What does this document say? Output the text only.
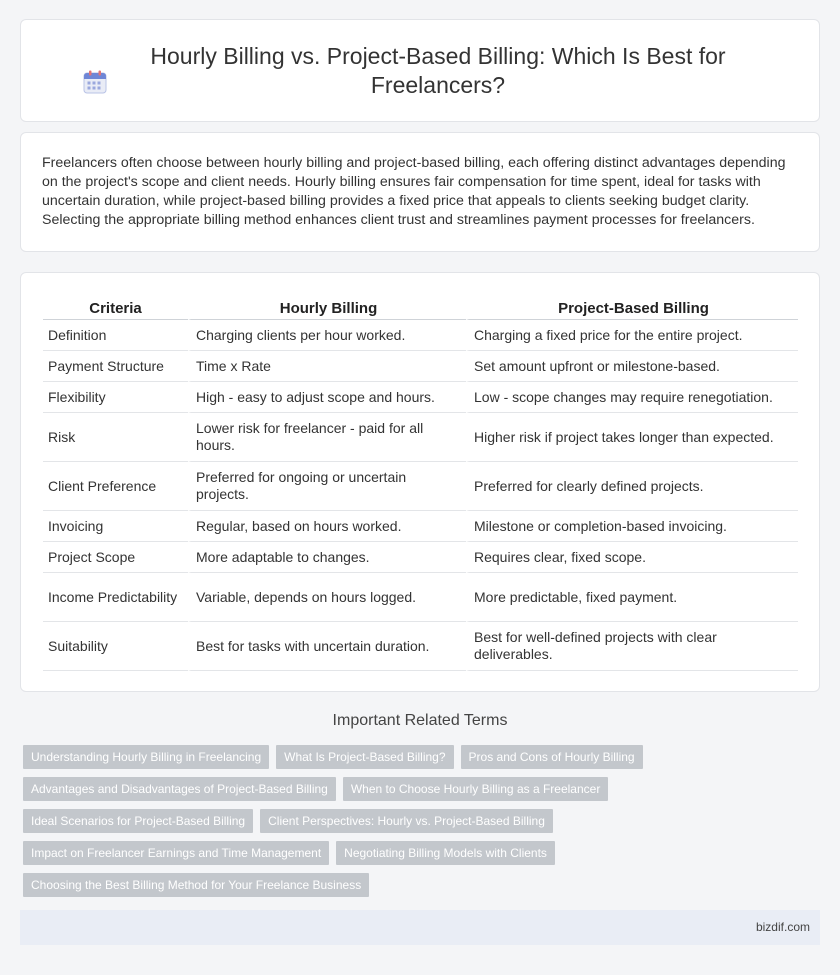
Hourly Billing vs. Project-Based Billing: Which Is Best for Freelancers?

Freelancers often choose between hourly billing and project-based billing, each offering distinct advantages depending on the project's scope and client needs. Hourly billing ensures fair compensation for time spent, ideal for tasks with uncertain duration, while project-based billing provides a fixed price that appeals to clients seeking budget clarity. Selecting the appropriate billing method enhances client trust and streamlines payment processes for freelancers.

Criteria	Hourly Billing	Project-Based Billing
Definition	Charging clients per hour worked.	Charging a fixed price for the entire project.
Payment Structure	Time x Rate	Set amount upfront or milestone-based.
Flexibility	High - easy to adjust scope and hours.	Low - scope changes may require renegotiation.
Risk	Lower risk for freelancer - paid for all hours.	Higher risk if project takes longer than expected.
Client Preference	Preferred for ongoing or uncertain projects.	Preferred for clearly defined projects.
Invoicing	Regular, based on hours worked.	Milestone or completion-based invoicing.
Project Scope	More adaptable to changes.	Requires clear, fixed scope.
Income Predictability	Variable, depends on hours logged.	More predictable, fixed payment.
Suitability	Best for tasks with uncertain duration.	Best for well-defined projects with clear deliverables.
Important Related Terms
Understanding Hourly Billing in Freelancing	What Is Project-Based Billing?	Pros and Cons of Hourly Billing
Advantages and Disadvantages of Project-Based Billing	When to Choose Hourly Billing as a Freelancer
Ideal Scenarios for Project-Based Billing	Client Perspectives: Hourly vs. Project-Based Billing
Impact on Freelancer Earnings and Time Management	Negotiating Billing Models with Clients
Choosing the Best Billing Method for Your Freelance Business
bizdif.com
